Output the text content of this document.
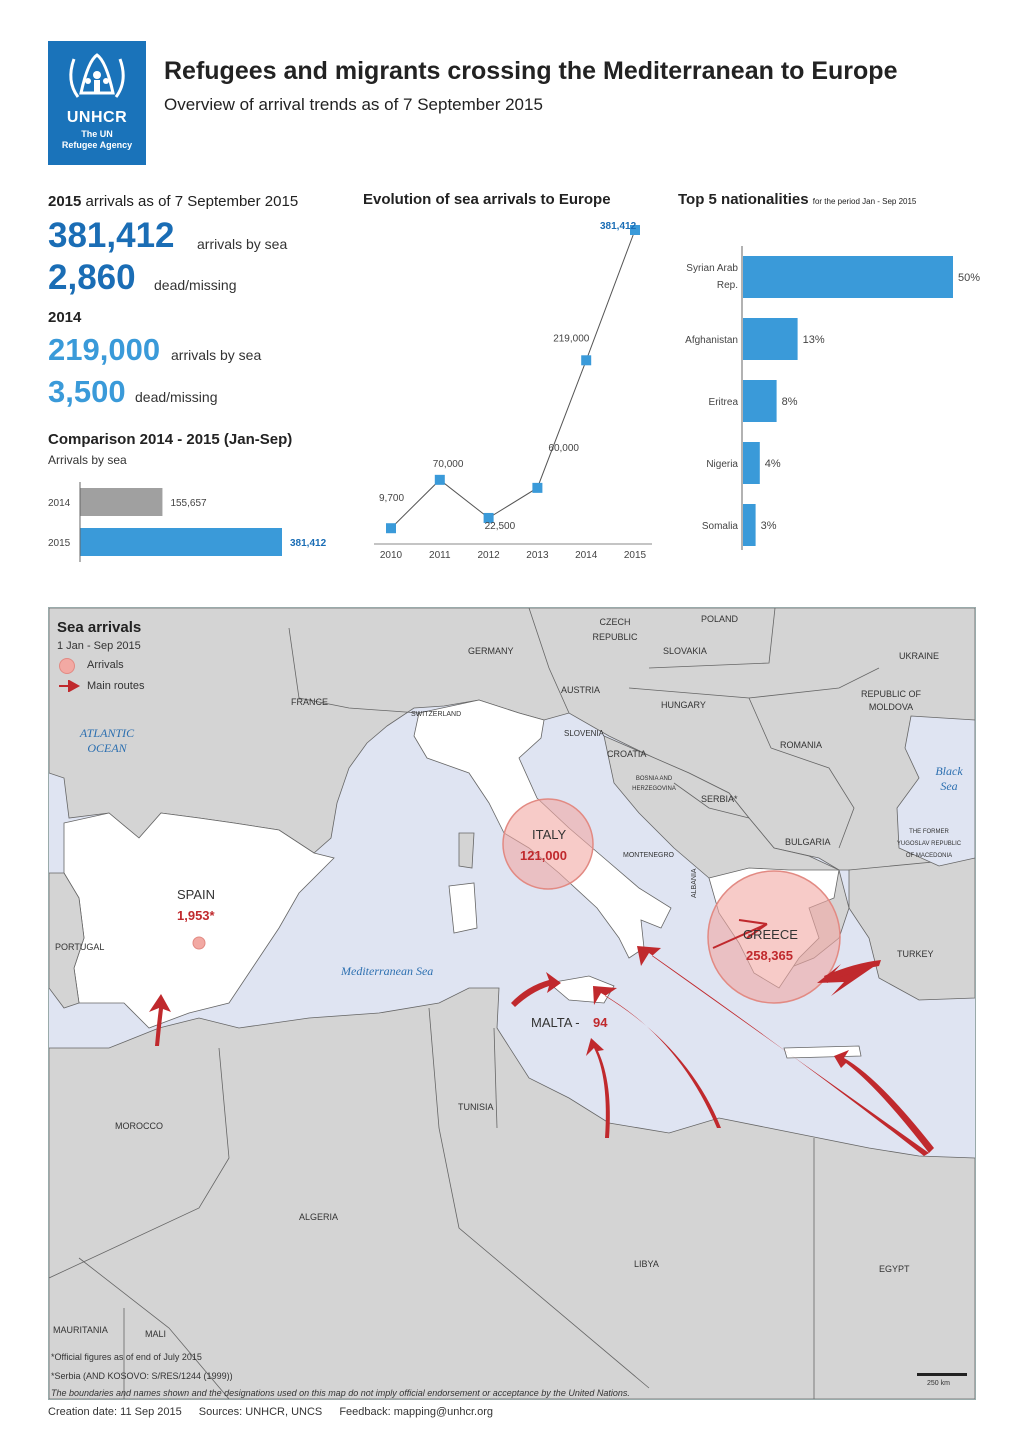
UNHCR
The UN
Refugee Agency
Refugees and migrants crossing the Mediterranean to Europe
Overview of arrival trends as of 7 September 2015
2015 arrivals as of 7 September 2015
381,412 arrivals by sea
2,860 dead/missing
2014
219,000 arrivals by sea
3,500 dead/missing
Comparison 2014 - 2015 (Jan-Sep)
Arrivals by sea
2014	155,657
2015	381,412
Evolution of sea arrivals to Europe
9,700
2010
70,000
2011
22,500
2012
60,000
2013
219,000
2014
381,412
2015
Top 5 nationalities for the period Jan - Sep 2015
Syrian Arab
Rep.
50%
Afghanistan	13%
Eritrea	8%
Nigeria 4%
Somalia 3%
Sea arrivals
1 Jan - Sep 2015
Arrivals
Main routes
ATLANTIC OCEAN
Mediterranean Sea
Black Sea
GERMANY
FRANCE
SWITZERLAND
AUSTRIA
CZECH REPUBLIC
POLAND
SLOVAKIA
HUNGARY
UKRAINE
REPUBLIC OF MOLDOVA
ROMANIA
SLOVENIA
CROATIA
BOSNIA AND HERZEGOVINA
SERBIA*
MONTENEGRO
ALBANIA
BULGARIA
THE FORMER YUGOSLAV REPUBLIC OF MACEDONIA
TURKEY
PORTUGAL
MOROCCO
TUNISIA
ALGERIA
LIBYA	EGYPT
MAURITANIA	MALI
ITALY
121,000
GREECE
258,365
SPAIN
1,953*
MALTA - 94
*Official figures as of end of July 2015
*Serbia (AND KOSOVO: S/RES/1244 (1999))
The boundaries and names shown and the designations used on this map do not imply official endorsement or acceptance by the United Nations.
250 km
Creation date: 11 Sep 2015 Sources: UNHCR, UNCS Feedback: mapping@unhcr.org
